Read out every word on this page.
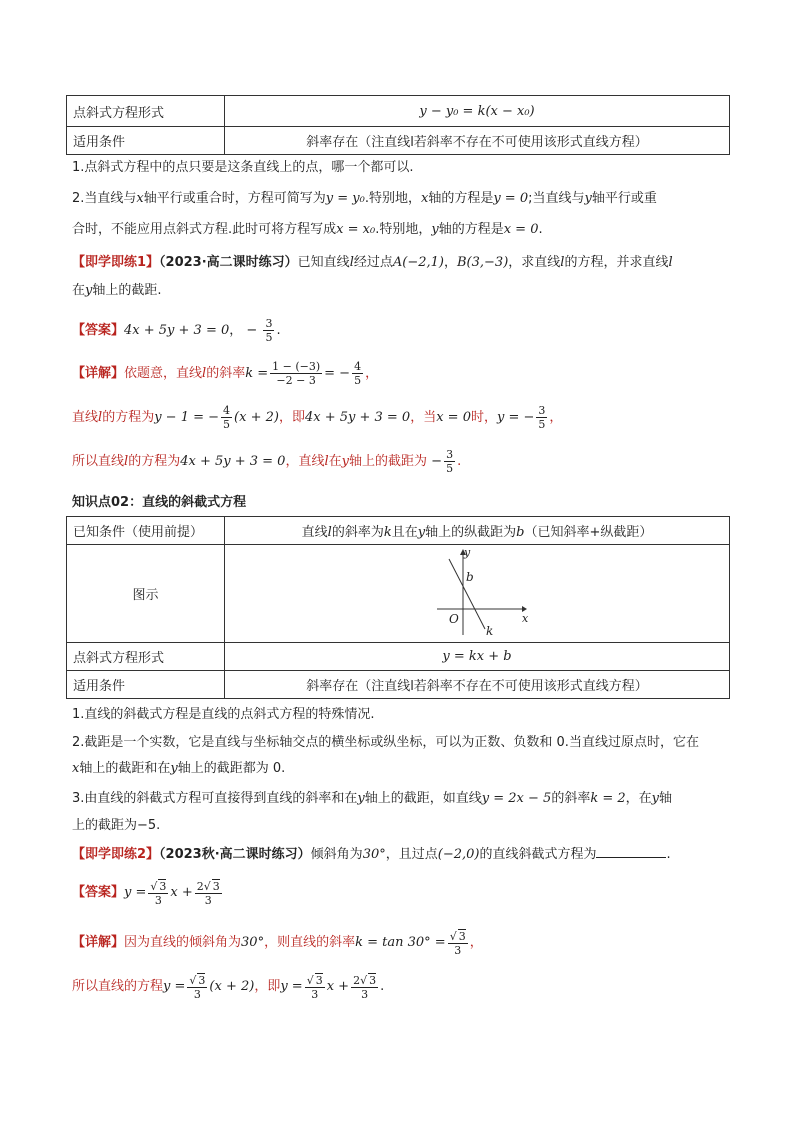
点斜式方程形式	y − y₀ = k(x − x₀)
适用条件	斜率存在（注直线l若斜率不存在不可使用该形式直线方程）
1.点斜式方程中的点只要是这条直线上的点，哪一个都可以.
2.当直线与x轴平行或重合时，方程可简写为y = y₀.特别地，x轴的方程是y = 0;当直线与y轴平行或重
合时，不能应用点斜式方程.此时可将方程写成x = x₀.特别地，y轴的方程是x = 0.
【即学即练1】（2023·高二课时练习）已知直线l经过点A(−2,1)，B(3,−3)，求直线l的方程，并求直线l
在y轴上的截距.
【答案】4x + 5y + 3 = 0， − $\frac{3}{5}$ .
【详解】依题意，直线l的斜率$k = \frac{1 - (-3)}{-2 - 3}$ = − $\frac{4}{5}$ ，
直线l的方程为y − 1 = − $\frac{4}{5} (x + 2)$，即4x + 5y + 3 = 0，当x = 0时，y = − $\frac{3}{5}$ ，
所以直线l的方程为4x + 5y + 3 = 0，直线l在y轴上的截距为 − $\frac{3}{5}$ .
知识点02：直线的斜截式方程
已知条件（使用前提）	直线l的斜率为k且在y轴上的纵截距为b（已知斜率+纵截距）
图示	y
x
O
b
k

点斜式方程形式	y = kx + b
适用条件	斜率存在（注直线l若斜率不存在不可使用该形式直线方程）
1.直线的斜截式方程是直线的点斜式方程的特殊情况.
2.截距是一个实数，它是直线与坐标轴交点的横坐标或纵坐标，可以为正数、负数和 0.当直线过原点时，它在
x轴上的截距和在y轴上的截距都为 0.
3.由直线的斜截式方程可直接得到直线的斜率和在y轴上的截距，如直线y = 2x − 5的斜率k = 2，在y轴
上的截距为−5.
【即学即练2】（2023秋·高二课时练习）倾斜角为30°，且过点(−2,0)的直线斜截式方程为	.
【答案】$y = \frac{√ 3}{3}$ $x + \frac{2√ 3}{3}$
【详解】因为直线的倾斜角为30°，则直线的斜率$k = \tan 30^\circ = \frac{√ 3}{3}$ ，
所以直线的方程$y = \frac{√ 3}{3} (x + 2)$，即$y = \frac{√ 3}{3}$ $x + \frac{2√ 3}{3}$ .
